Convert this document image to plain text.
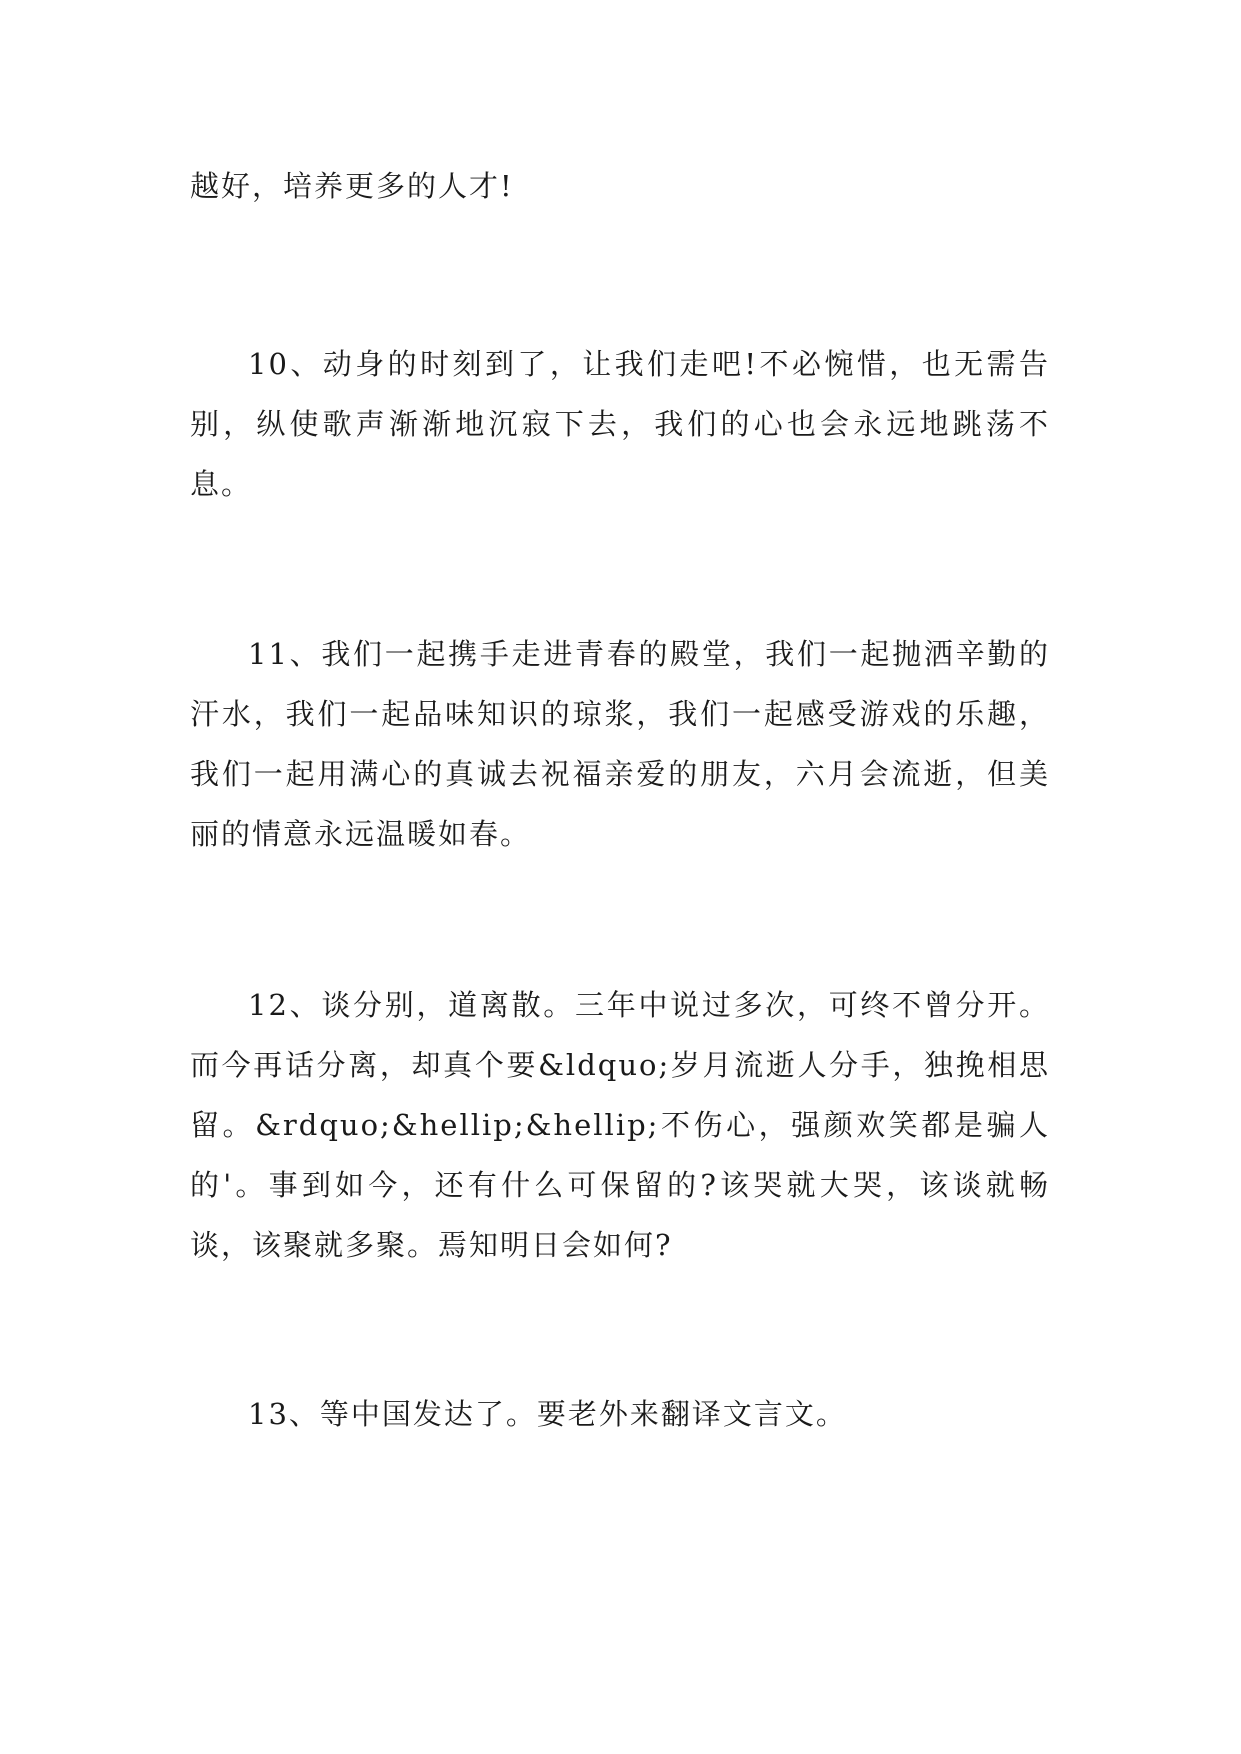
越好，培养更多的人才!

10、动身的时刻到了，让我们走吧!不必惋惜，也无需告别，纵使歌声渐渐地沉寂下去，我们的心也会永远地跳荡不息。

11、我们一起携手走进青春的殿堂，我们一起抛洒辛勤的汗水，我们一起品味知识的琼浆，我们一起感受游戏的乐趣，我们一起用满心的真诚去祝福亲爱的朋友，六月会流逝，但美丽的情意永远温暖如春。

12、谈分别，道离散。三年中说过多次，可终不曾分开。而今再话分离，却真个要&ldquo;岁月流逝人分手，独挽相思留。&rdquo;&hellip;&hellip;不伤心，强颜欢笑都是骗人的'。事到如今，还有什么可保留的?该哭就大哭，该谈就畅谈，该聚就多聚。焉知明日会如何?

13、等中国发达了。要老外来翻译文言文。
